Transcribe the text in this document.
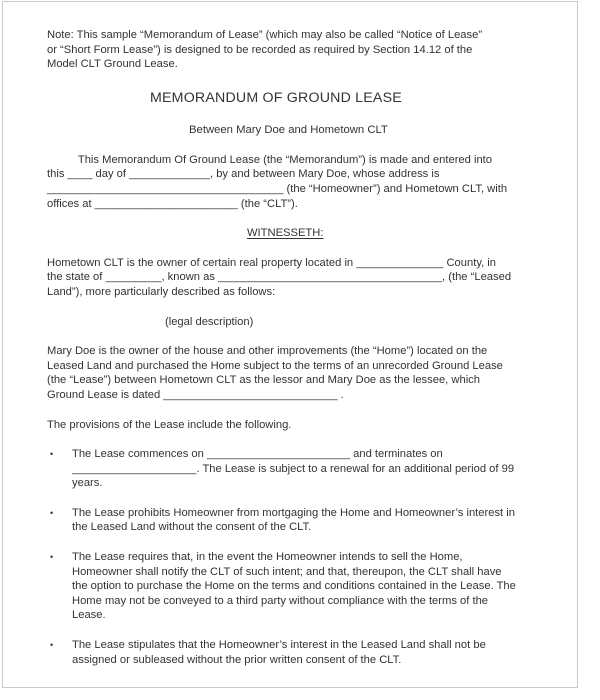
Note: This sample “Memorandum of Lease” (which may also be called “Notice of Lease”
or “Short Form Lease”) is designed to be recorded as required by Section 14.12 of the
Model CLT Ground Lease.
MEMORANDUM OF GROUND LEASE
Between Mary Doe and Hometown CLT
This Memorandum Of Ground Lease (the “Memorandum”) is made and entered into
this ____ day of _____________, by and between Mary Doe, whose address is
______________________________________ (the “Homeowner”) and Hometown CLT, with
offices at _______________________ (the “CLT”).
WITNESSETH:
Hometown CLT is the owner of certain real property located in ______________ County, in
the state of _________, known as ____________________________________, (the “Leased
Land”), more particularly described as follows:
(legal description)
Mary Doe is the owner of the house and other improvements (the “Home”) located on the
Leased Land and purchased the Home subject to the terms of an unrecorded Ground Lease
(the “Lease”) between Hometown CLT as the lessor and Mary Doe as the lessee, which
Ground Lease is dated ____________________________ .
The provisions of the Lease include the following.
• The Lease commences on _______________________ and terminates on
____________________. The Lease is subject to a renewal for an additional period of 99
years.
• The Lease prohibits Homeowner from mortgaging the Home and Homeowner’s interest in
the Leased Land without the consent of the CLT.
• The Lease requires that, in the event the Homeowner intends to sell the Home,
Homeowner shall notify the CLT of such intent; and that, thereupon, the CLT shall have
the option to purchase the Home on the terms and conditions contained in the Lease. The
Home may not be conveyed to a third party without compliance with the terms of the
Lease.
• The Lease stipulates that the Homeowner’s interest in the Leased Land shall not be
assigned or subleased without the prior written consent of the CLT.
